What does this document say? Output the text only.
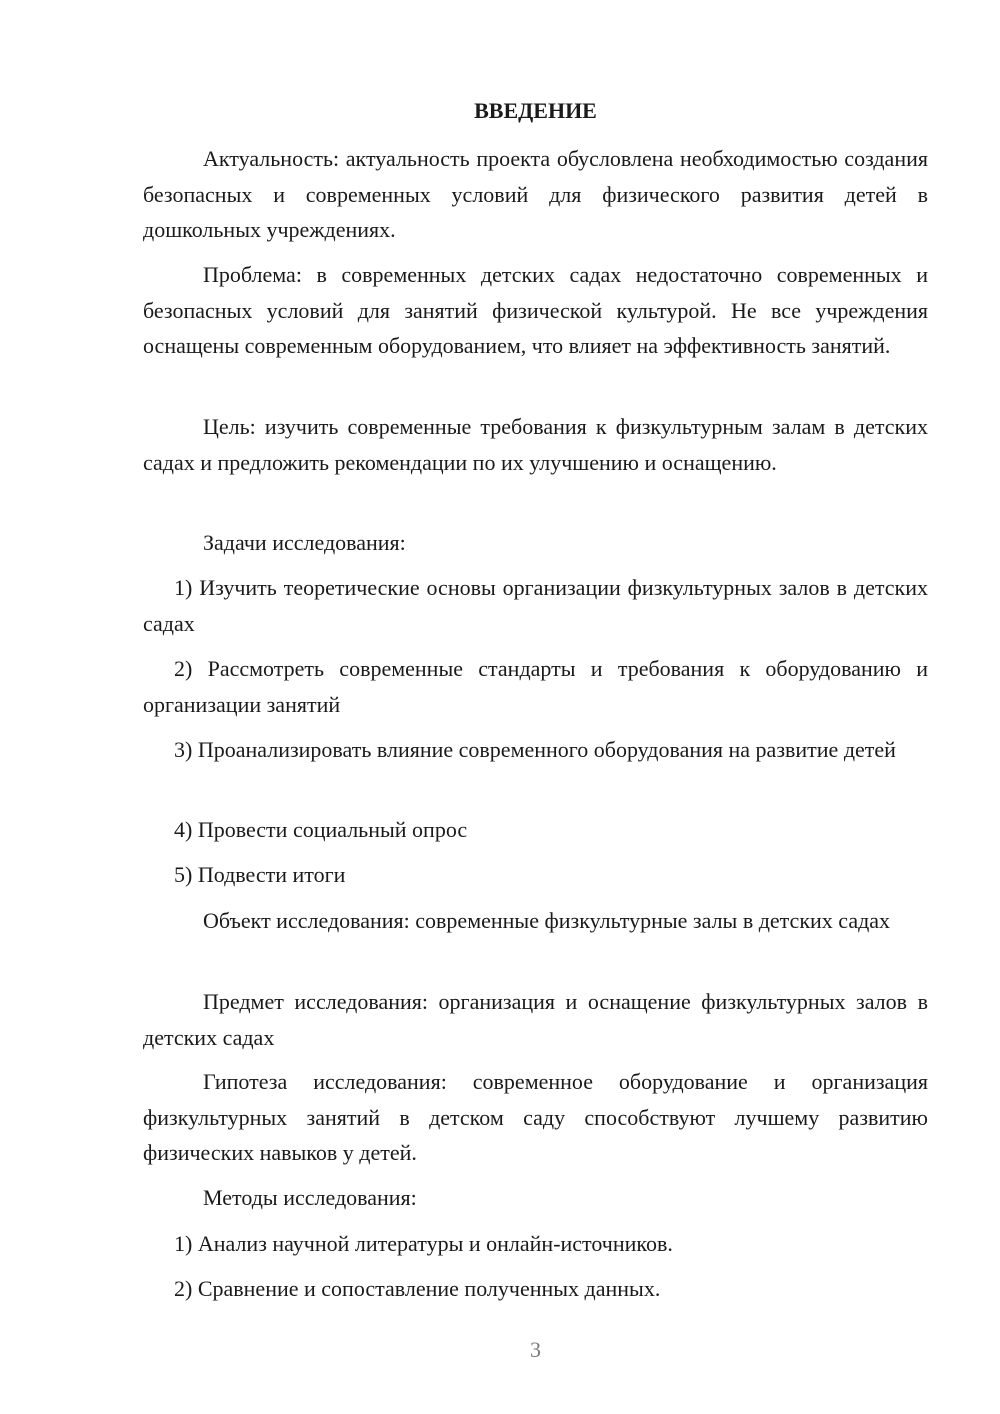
ВВЕДЕНИЕ

Актуальность: актуальность проекта обусловлена необходимостью создания безопасных и современных условий для физического развития детей в дошкольных учреждениях.

Проблема: в современных детских садах недостаточно современных и безопасных условий для занятий физической культурой. Не все учреждения оснащены современным оборудованием, что влияет на эффективность занятий.

Цель: изучить современные требования к физкультурным залам в детских садах и предложить рекомендации по их улучшению и оснащению.

Задачи исследования:

1) Изучить теоретические основы организации физкультурных залов в детских садах

2) Рассмотреть современные стандарты и требования к оборудованию и организации занятий

3) Проанализировать влияние современного оборудования на развитие детей

4) Провести социальный опрос

5) Подвести итоги

Объект исследования: современные физкультурные залы в детских садах

Предмет исследования: организация и оснащение физкультурных залов в детских садах

Гипотеза исследования: современное оборудование и организация физкультурных занятий в детском саду способствуют лучшему развитию физических навыков у детей.

Методы исследования:

1) Анализ научной литературы и онлайн-источников.

2) Сравнение и сопоставление полученных данных.

3
